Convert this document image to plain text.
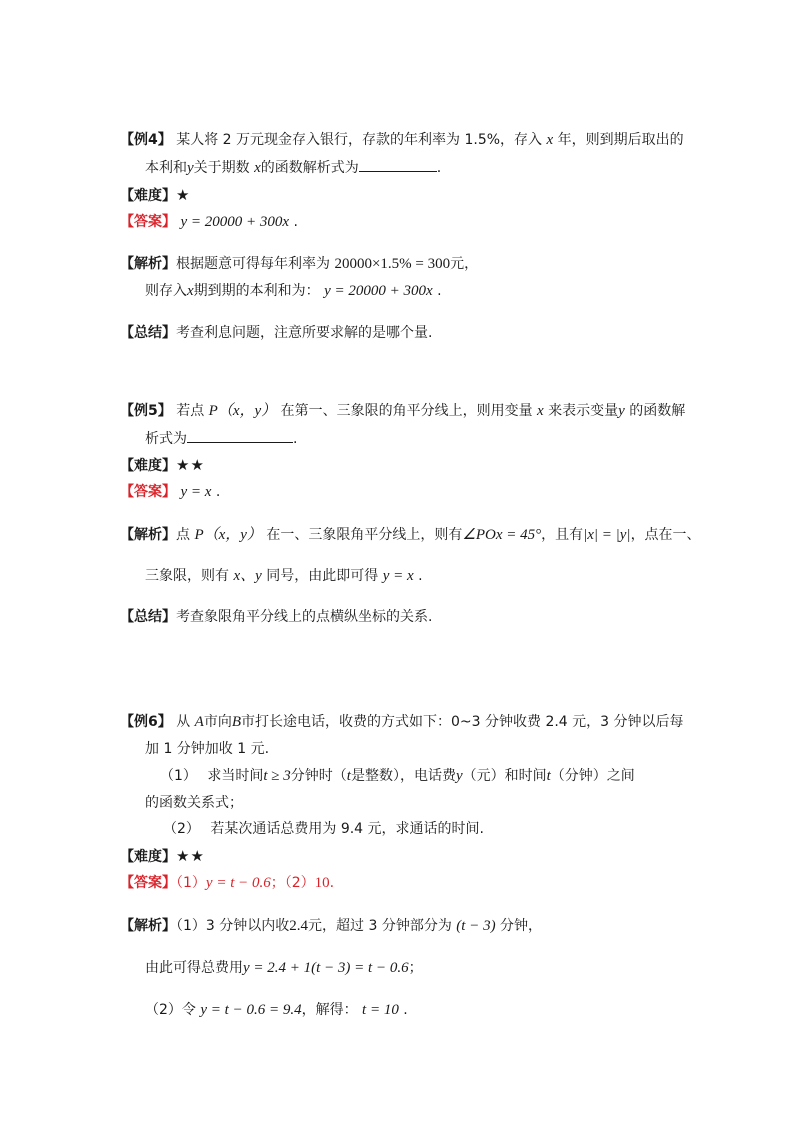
【例4】 某人将 2 万元现金存入银行，存款的年利率为 1.5%，存入 x 年，则到期后取出的
本利和y关于期数 x的函数解析式为	.
【难度】★
【答案】 y = 20000 + 300x .
【解析】根据题意可得每年利率为 20000×1.5% = 300元，
则存入x期到期的本利和为： y = 20000 + 300x .
【总结】考查利息问题，注意所要求解的是哪个量.
【例5】 若点 P（x，y） 在第一、三象限的角平分线上，则用变量 x 来表示变量y 的函数解
析式为	.
【难度】★★
【答案】 y = x .
【解析】点 P（x，y） 在一、三象限角平分线上，则有∠POx = 45°，且有|x| = |y|，点在一、
三象限，则有 x、y 同号，由此即可得 y = x .
【总结】考查象限角平分线上的点横纵坐标的关系.
【例6】 从 A市向B市打长途电话，收费的方式如下：0~3 分钟收费 2.4 元，3 分钟以后每
加 1 分钟加收 1 元.
（1） 求当时间t ≥ 3分钟时（t是整数），电话费y（元）和时间t（分钟）之间
的函数关系式；
（2） 若某次通话总费用为 9.4 元，求通话的时间.
【难度】★★
【答案】（1）y = t − 0.6；（2）10.
【解析】（1）3 分钟以内收2.4元，超过 3 分钟部分为 (t − 3) 分钟，
由此可得总费用y = 2.4 + 1(t − 3) = t − 0.6；
（2）令 y = t − 0.6 = 9.4，解得： t = 10 .
